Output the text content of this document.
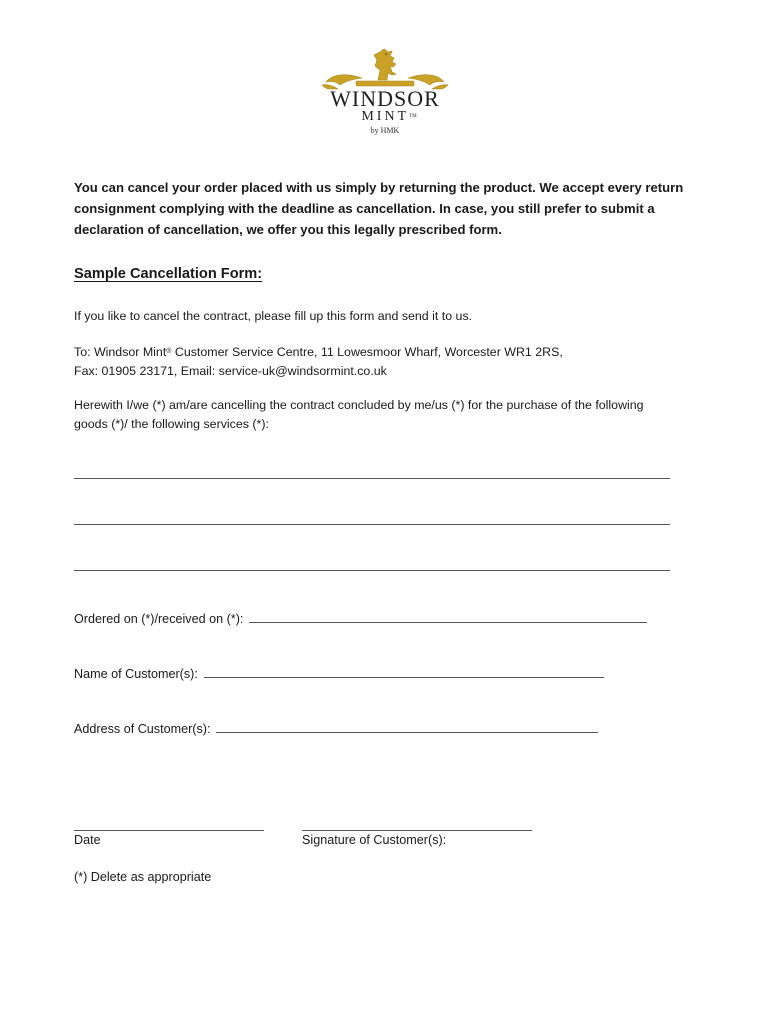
WINDSOR
MINT™
by HMK

You can cancel your order placed with us simply by returning the product. We accept every return consignment complying with the deadline as cancellation. In case, you still prefer to submit a declaration of cancellation, we offer you this legally prescribed form.

Sample Cancellation Form:

If you like to cancel the contract, please fill up this form and send it to us.

To: Windsor Mint® Customer Service Centre, 11 Lowesmoor Wharf, Worcester WR1 2RS,
Fax: 01905 23171, Email: service-uk@windsormint.co.uk

Herewith I/we (*) am/are cancelling the contract concluded by me/us (*) for the purchase of the following goods (*)/ the following services (*):

Ordered on (*)/received on (*):
Name of Customer(s):
Address of Customer(s):
Date	Signature of Customer(s):
(*) Delete as appropriate
